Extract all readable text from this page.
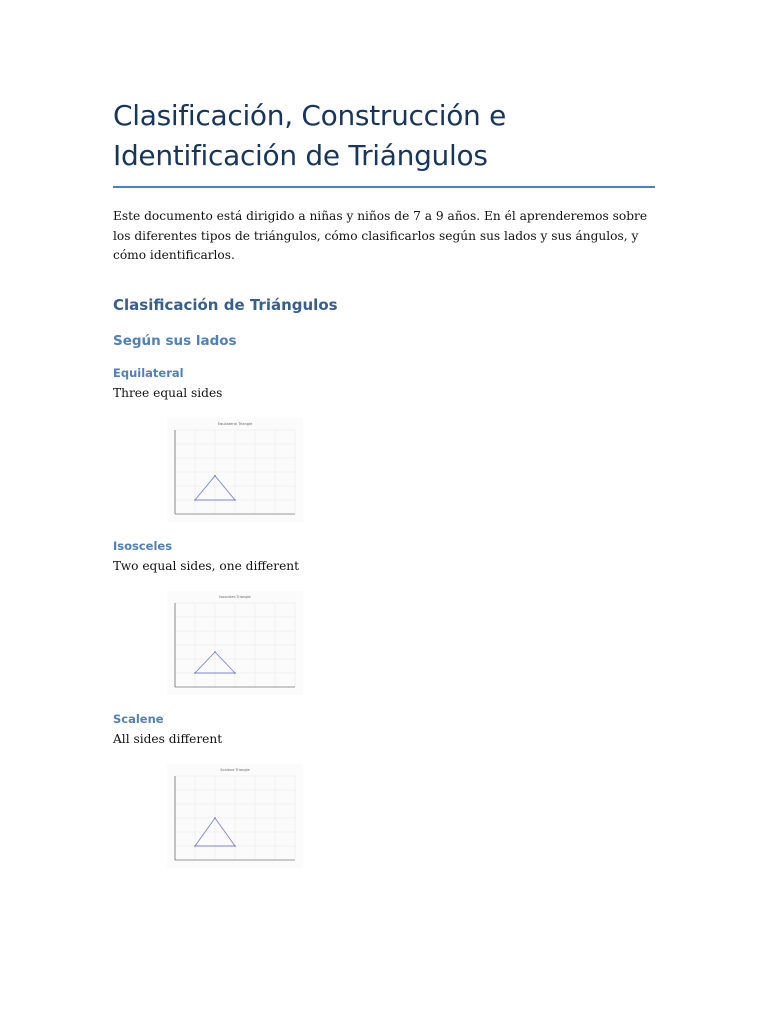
Clasificación, Construcción e
Identificación de Triángulos

Este documento está dirigido a niñas y niños de 7 a 9 años. En él aprenderemos sobre los diferentes tipos de triángulos, cómo clasificarlos según sus lados y sus ángulos, y cómo identificarlos.

Clasificación de Triángulos
Según sus lados
Equilateral

Three equal sides

Equilateral Triangle
Isosceles

Two equal sides, one different

Isosceles Triangle
Scalene

All sides different

Scalene Triangle
